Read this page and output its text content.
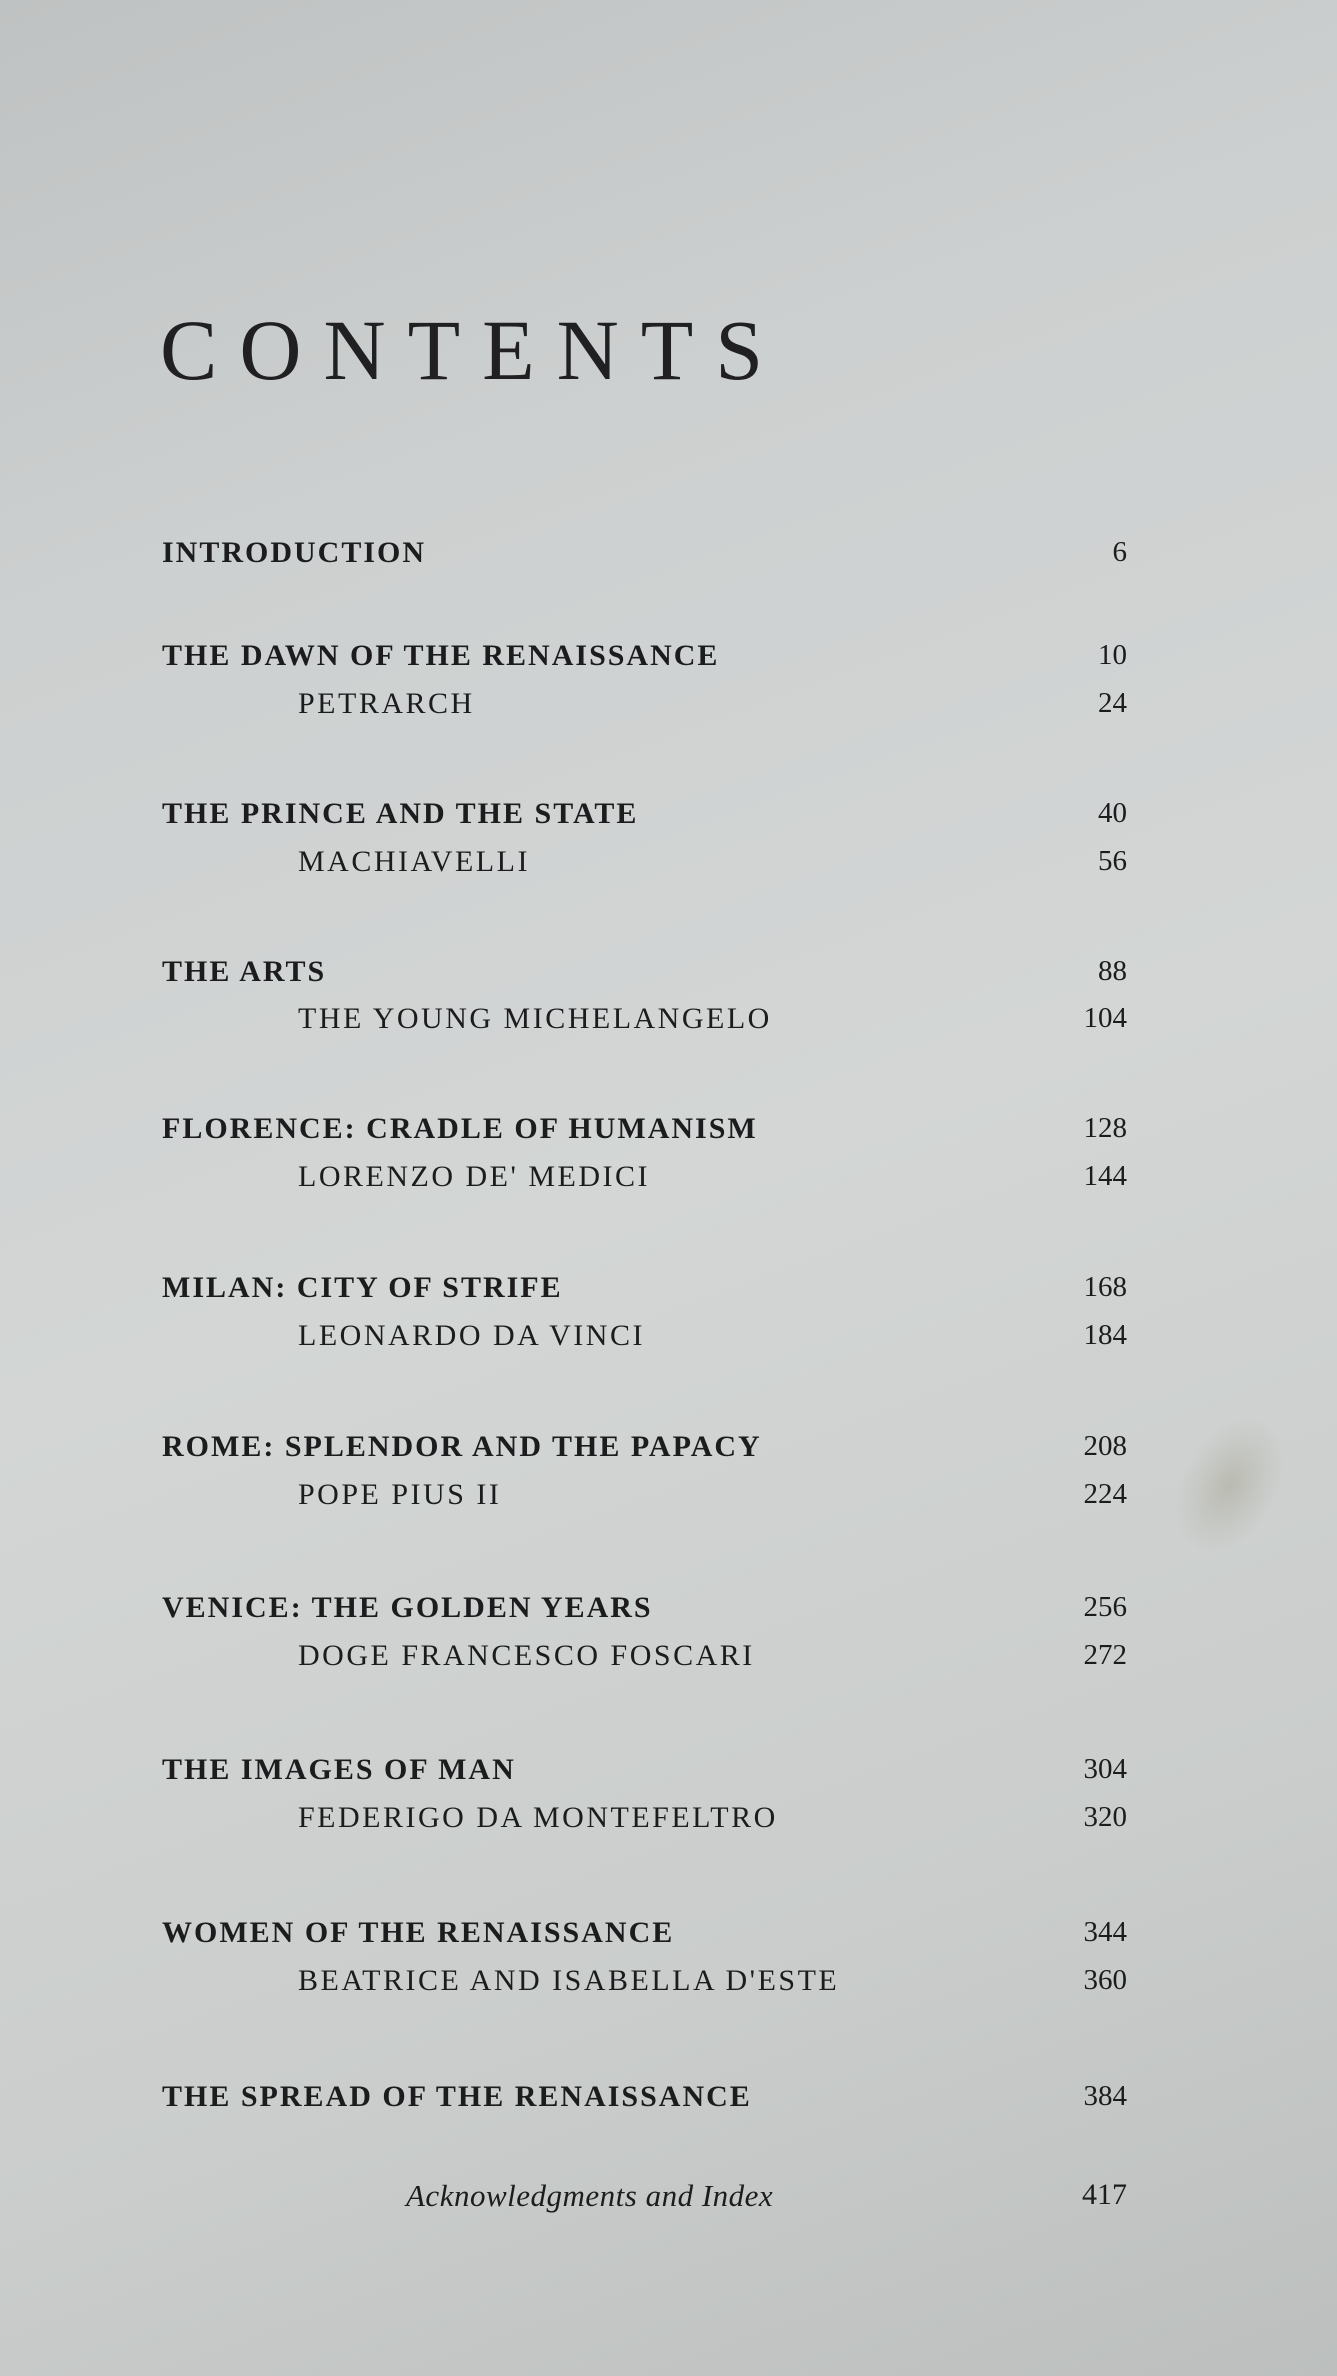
CONTENTS
INTRODUCTION	6
THE DAWN OF THE RENAISSANCE	10
PETRARCH	24
THE PRINCE AND THE STATE	40
MACHIAVELLI	56
THE ARTS	88
THE YOUNG MICHELANGELO	104
FLORENCE: CRADLE OF HUMANISM	128
LORENZO DE' MEDICI	144
MILAN: CITY OF STRIFE	168
LEONARDO DA VINCI	184
ROME: SPLENDOR AND THE PAPACY	208
POPE PIUS II	224
VENICE: THE GOLDEN YEARS	256
DOGE FRANCESCO FOSCARI	272
THE IMAGES OF MAN	304
FEDERIGO DA MONTEFELTRO	320
WOMEN OF THE RENAISSANCE	344
BEATRICE AND ISABELLA D'ESTE	360
THE SPREAD OF THE RENAISSANCE	384
Acknowledgments and Index	417
